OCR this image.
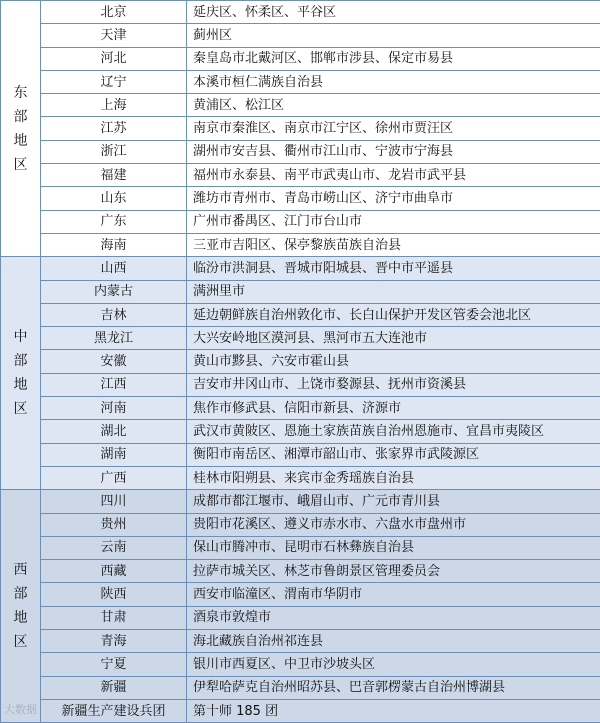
东部地区	北京	延庆区、怀柔区、平谷区
	天津	蓟州区
	河北	秦皇岛市北戴河区、邯郸市涉县、保定市易县
	辽宁	本溪市桓仁满族自治县
	上海	黄浦区、松江区
	江苏	南京市秦淮区、南京市江宁区、徐州市贾汪区
	浙江	湖州市安吉县、衢州市江山市、宁波市宁海县
	福建	福州市永泰县、南平市武夷山市、龙岩市武平县
	山东	潍坊市青州市、青岛市崂山区、济宁市曲阜市
	广东	广州市番禺区、江门市台山市
	海南	三亚市吉阳区、保亭黎族苗族自治县
中部地区	山西	临汾市洪洞县、晋城市阳城县、晋中市平遥县
	内蒙古	满洲里市
	吉林	延边朝鲜族自治州敦化市、长白山保护开发区管委会池北区
	黑龙江	大兴安岭地区漠河县、黑河市五大连池市
	安徽	黄山市黟县、六安市霍山县
	江西	吉安市井冈山市、上饶市婺源县、抚州市资溪县
	河南	焦作市修武县、信阳市新县、济源市
	湖北	武汉市黄陂区、恩施土家族苗族自治州恩施市、宜昌市夷陵区
	湖南	衡阳市南岳区、湘潭市韶山市、张家界市武陵源区
	广西	桂林市阳朔县、来宾市金秀瑶族自治县
西部地区	四川	成都市都江堰市、峨眉山市、广元市青川县
	贵州	贵阳市花溪区、遵义市赤水市、六盘水市盘州市
	云南	保山市腾冲市、昆明市石林彝族自治县
	西藏	拉萨市城关区、林芝市鲁朗景区管理委员会
	陕西	西安市临潼区、渭南市华阴市
	甘肃	酒泉市敦煌市
	青海	海北藏族自治州祁连县
	宁夏	银川市西夏区、中卫市沙坡头区
	新疆	伊犁哈萨克自治州昭苏县、巴音郭楞蒙古自治州博湖县
	新疆生产建设兵团	第十师 185 团
大数据
